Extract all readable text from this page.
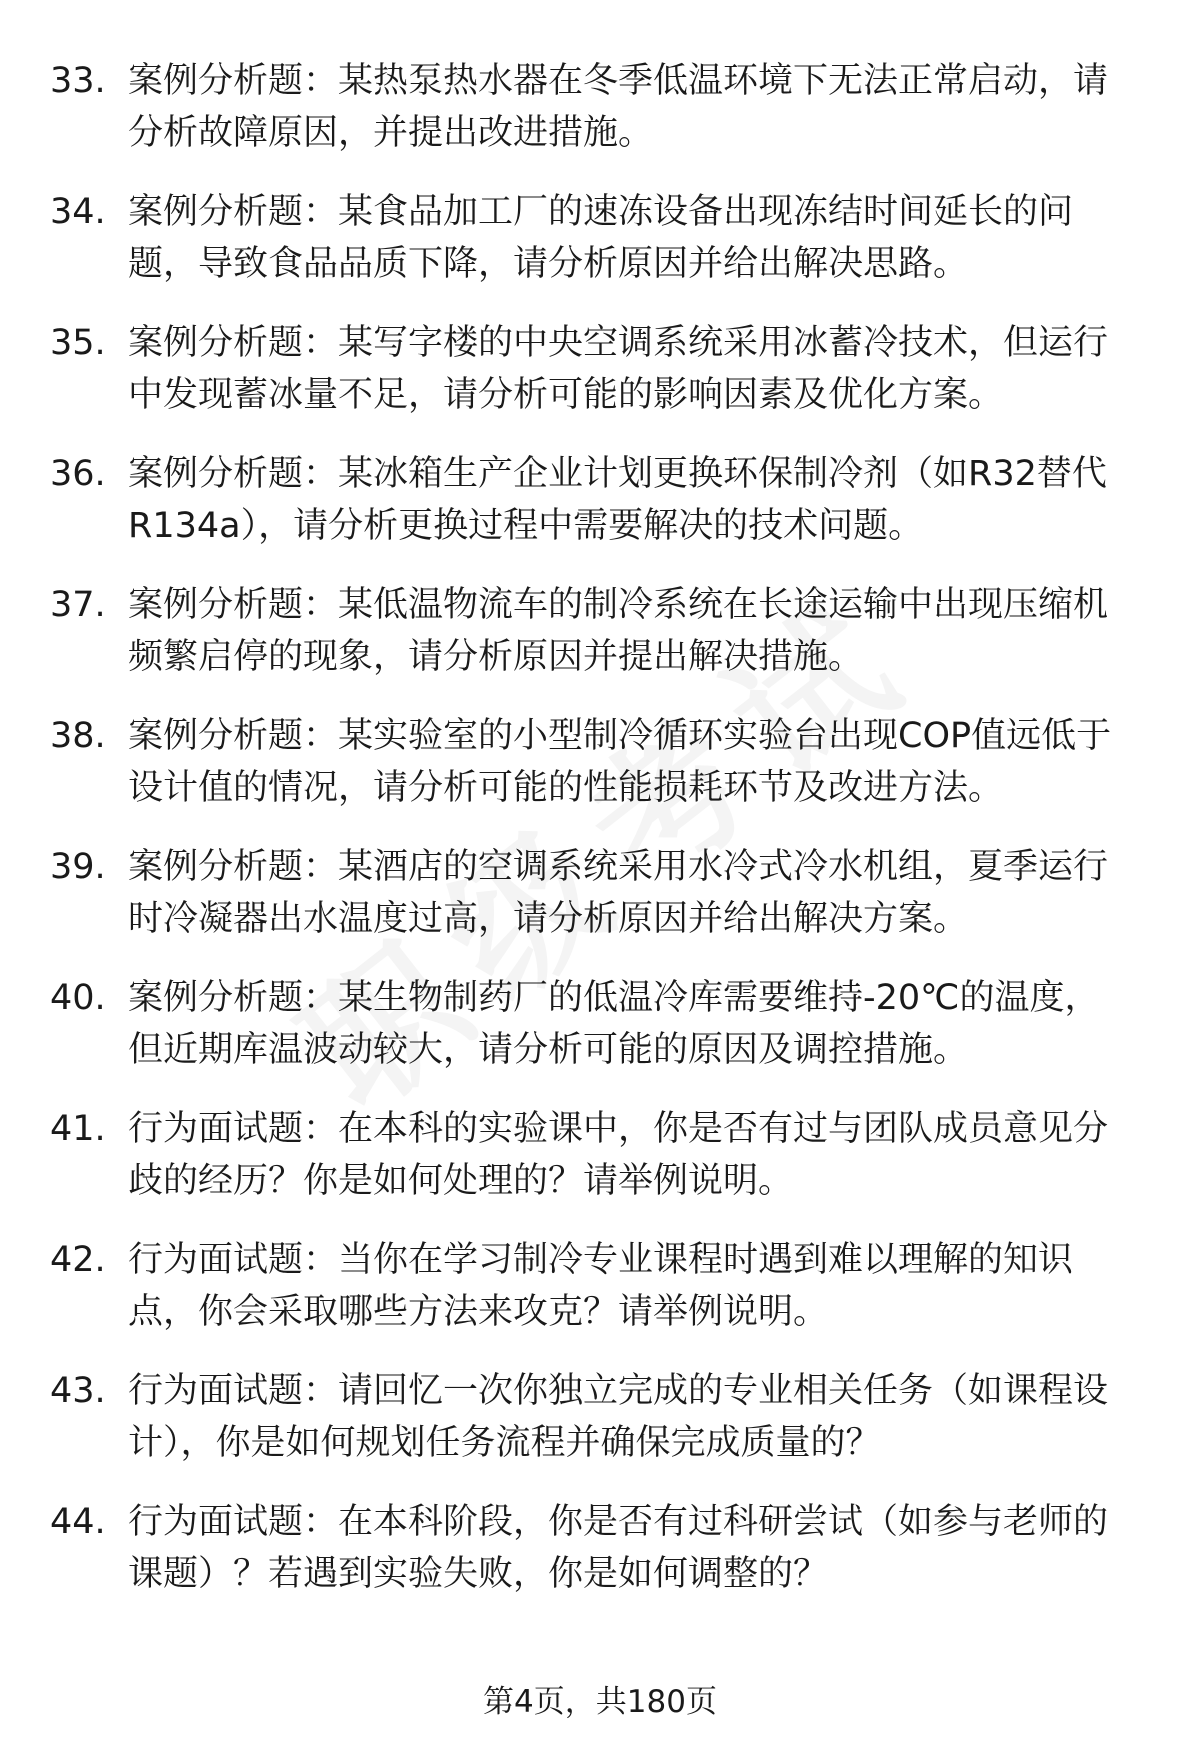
33. 案例分析题：某热泵热水器在冬季低温环境下无法正常启动，请
分析故障原因，并提出改进措施。
34. 案例分析题：某食品加工厂的速冻设备出现冻结时间延长的问
题，导致食品品质下降，请分析原因并给出解决思路。
35. 案例分析题：某写字楼的中央空调系统采用冰蓄冷技术，但运行
中发现蓄冰量不足，请分析可能的影响因素及优化方案。
36. 案例分析题：某冰箱生产企业计划更换环保制冷剂（如R32替代
R134a），请分析更换过程中需要解决的技术问题。
37. 案例分析题：某低温物流车的制冷系统在长途运输中出现压缩机
频繁启停的现象，请分析原因并提出解决措施。
38. 案例分析题：某实验室的小型制冷循环实验台出现COP值远低于
设计值的情况，请分析可能的性能损耗环节及改进方法。
39. 案例分析题：某酒店的空调系统采用水冷式冷水机组，夏季运行
时冷凝器出水温度过高，请分析原因并给出解决方案。
40. 案例分析题：某生物制药厂的低温冷库需要维持-20℃的温度，
但近期库温波动较大，请分析可能的原因及调控措施。
41. 行为面试题：在本科的实验课中，你是否有过与团队成员意见分
歧的经历？你是如何处理的？请举例说明。
42. 行为面试题：当你在学习制冷专业课程时遇到难以理解的知识
点，你会采取哪些方法来攻克？请举例说明。
43. 行为面试题：请回忆一次你独立完成的专业相关任务（如课程设
计），你是如何规划任务流程并确保完成质量的？
44. 行为面试题：在本科阶段，你是否有过科研尝试（如参与老师的
课题）？若遇到实验失败，你是如何调整的？
第4页，共180页
